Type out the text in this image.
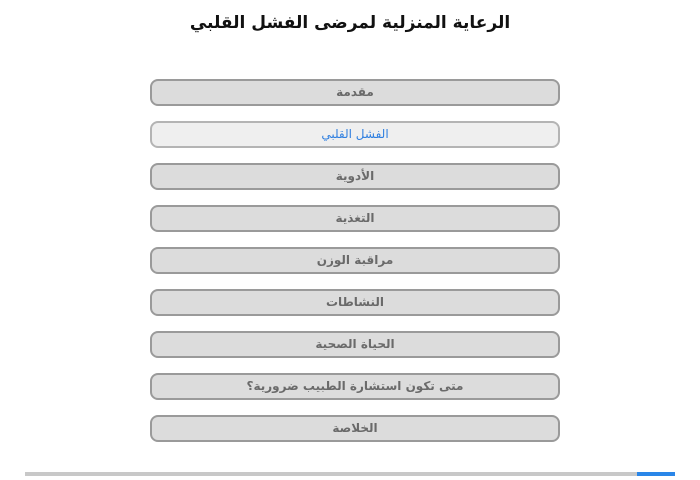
الرعاية المنزلية لمرضى الفشل القلبي
مقدمة
الفشل القلبي
الأدوية
التغذية
مراقبة الوزن
النشاطات
الحياة الصحية
متى تكون استشارة الطبيب ضرورية؟
الخلاصة
